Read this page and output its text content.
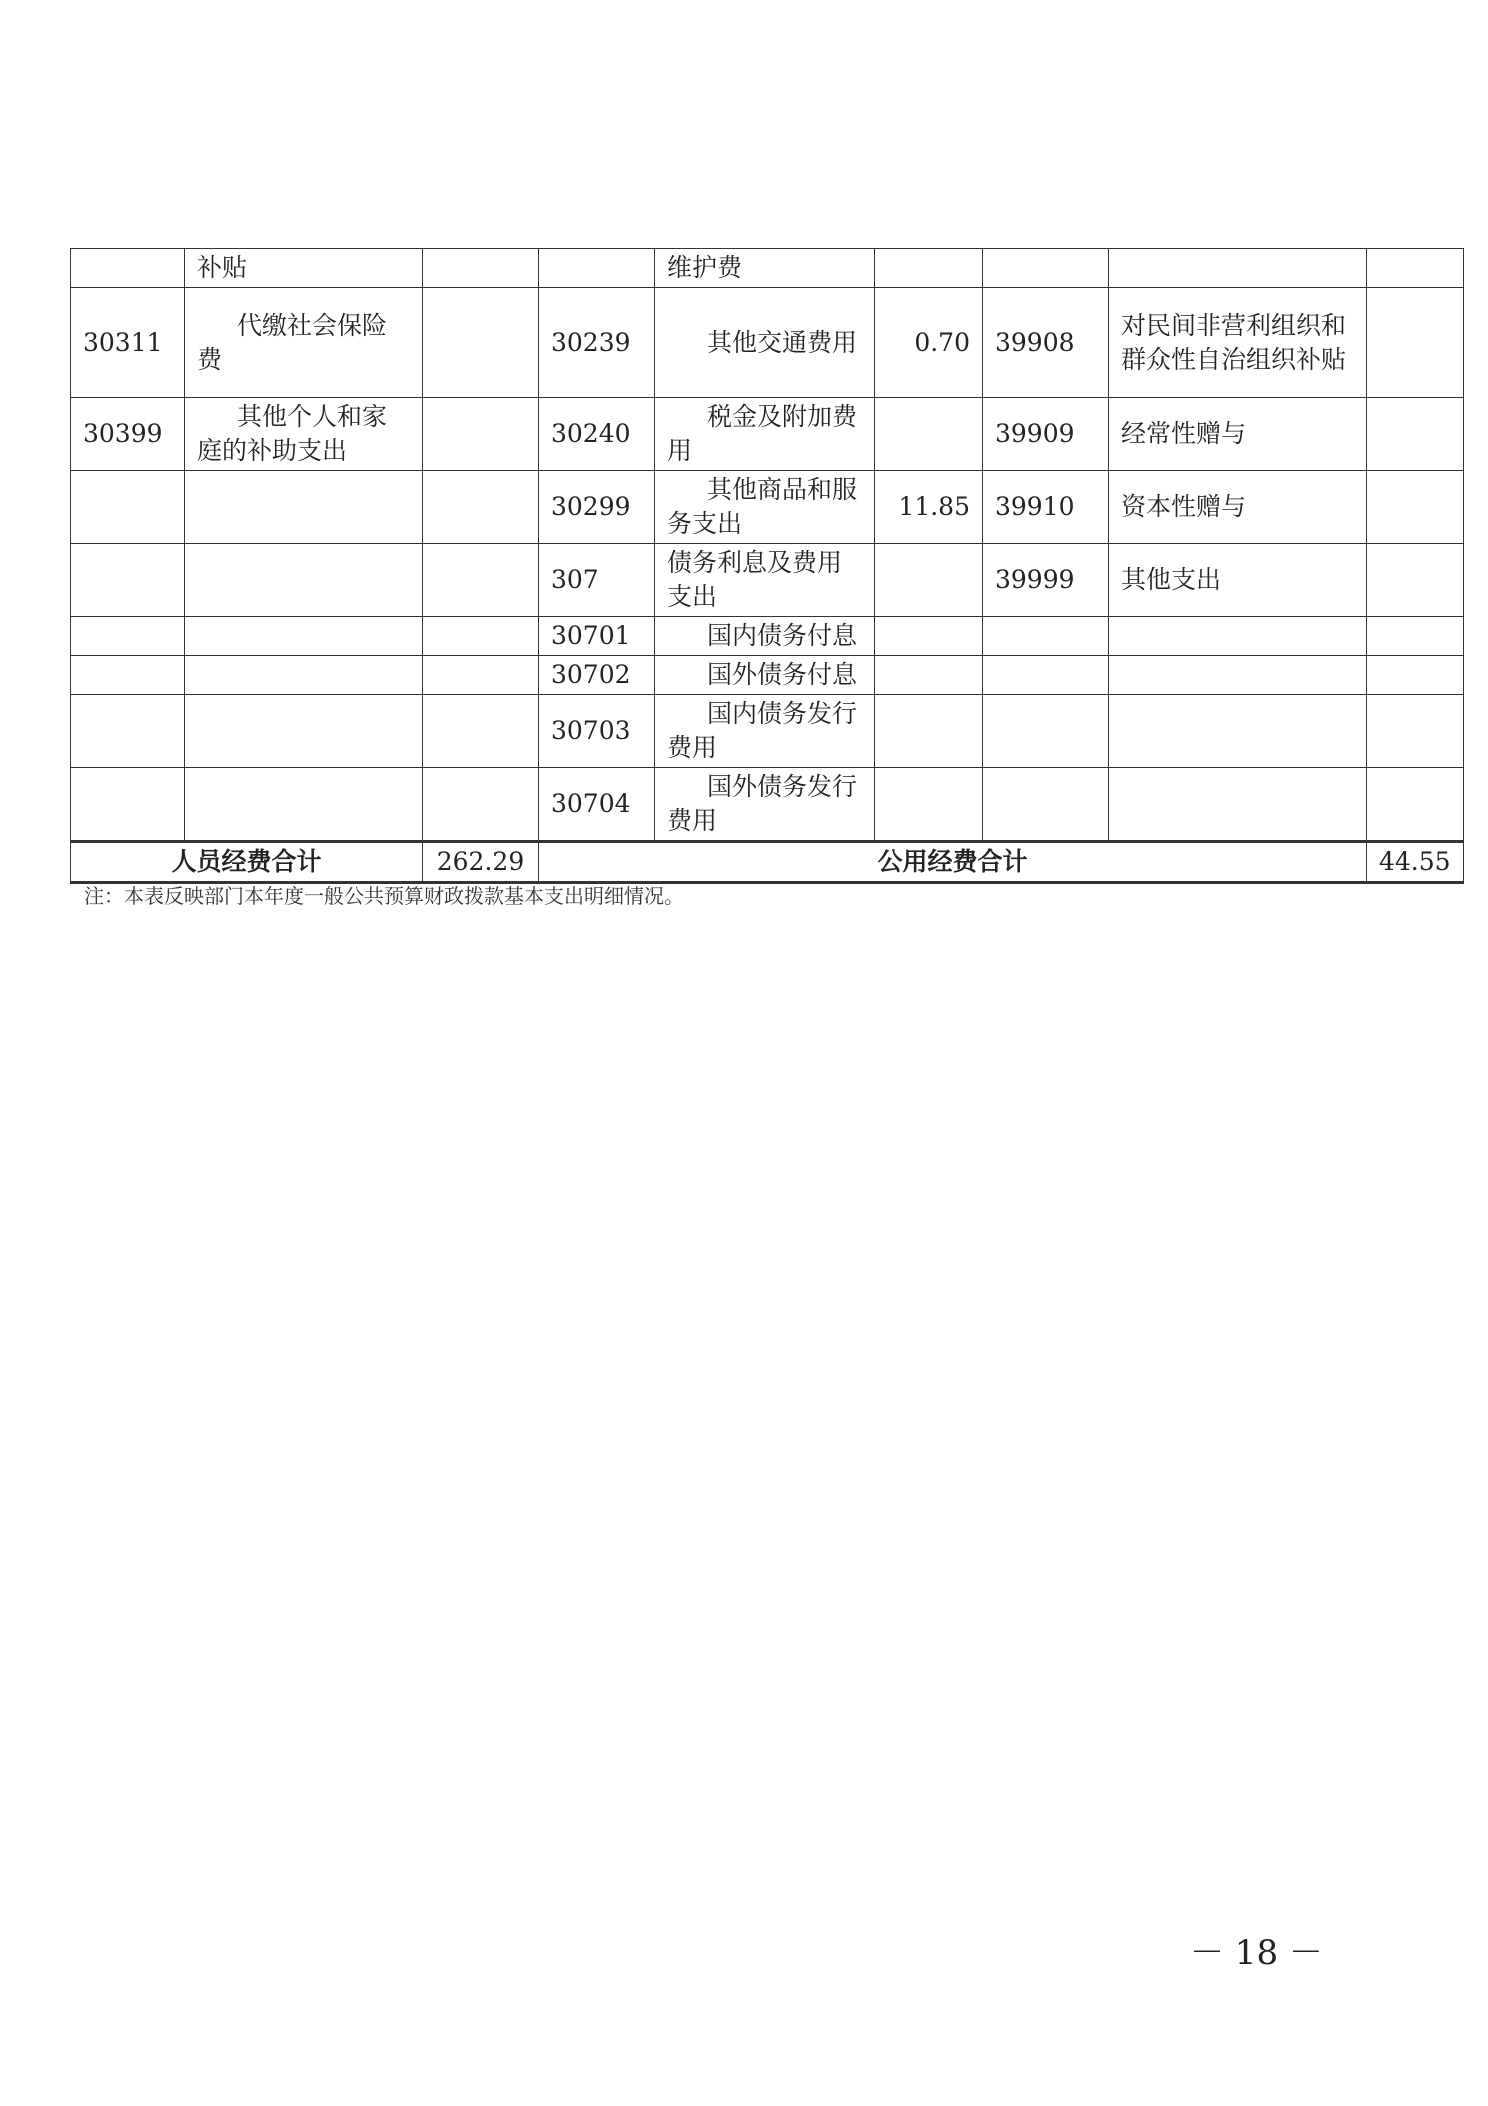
	补贴			维护费				
30311	代缴社会保险费		30239	其他交通费用	0.70	39908	对民间非营利组织和群众性自治组织补贴	
30399	其他个人和家庭的补助支出		30240	税金及附加费用		39909	经常性赠与	
			30299	其他商品和服务支出	11.85	39910	资本性赠与	
			307	债务利息及费用支出		39999	其他支出	
			30701	国内债务付息				
			30702	国外债务付息				
			30703	国内债务发行费用				
			30704	国外债务发行费用				
人员经费合计		262.29	公用经费合计					44.55
注：本表反映部门本年度一般公共预算财政拨款基本支出明细情况。
－ 18 －
